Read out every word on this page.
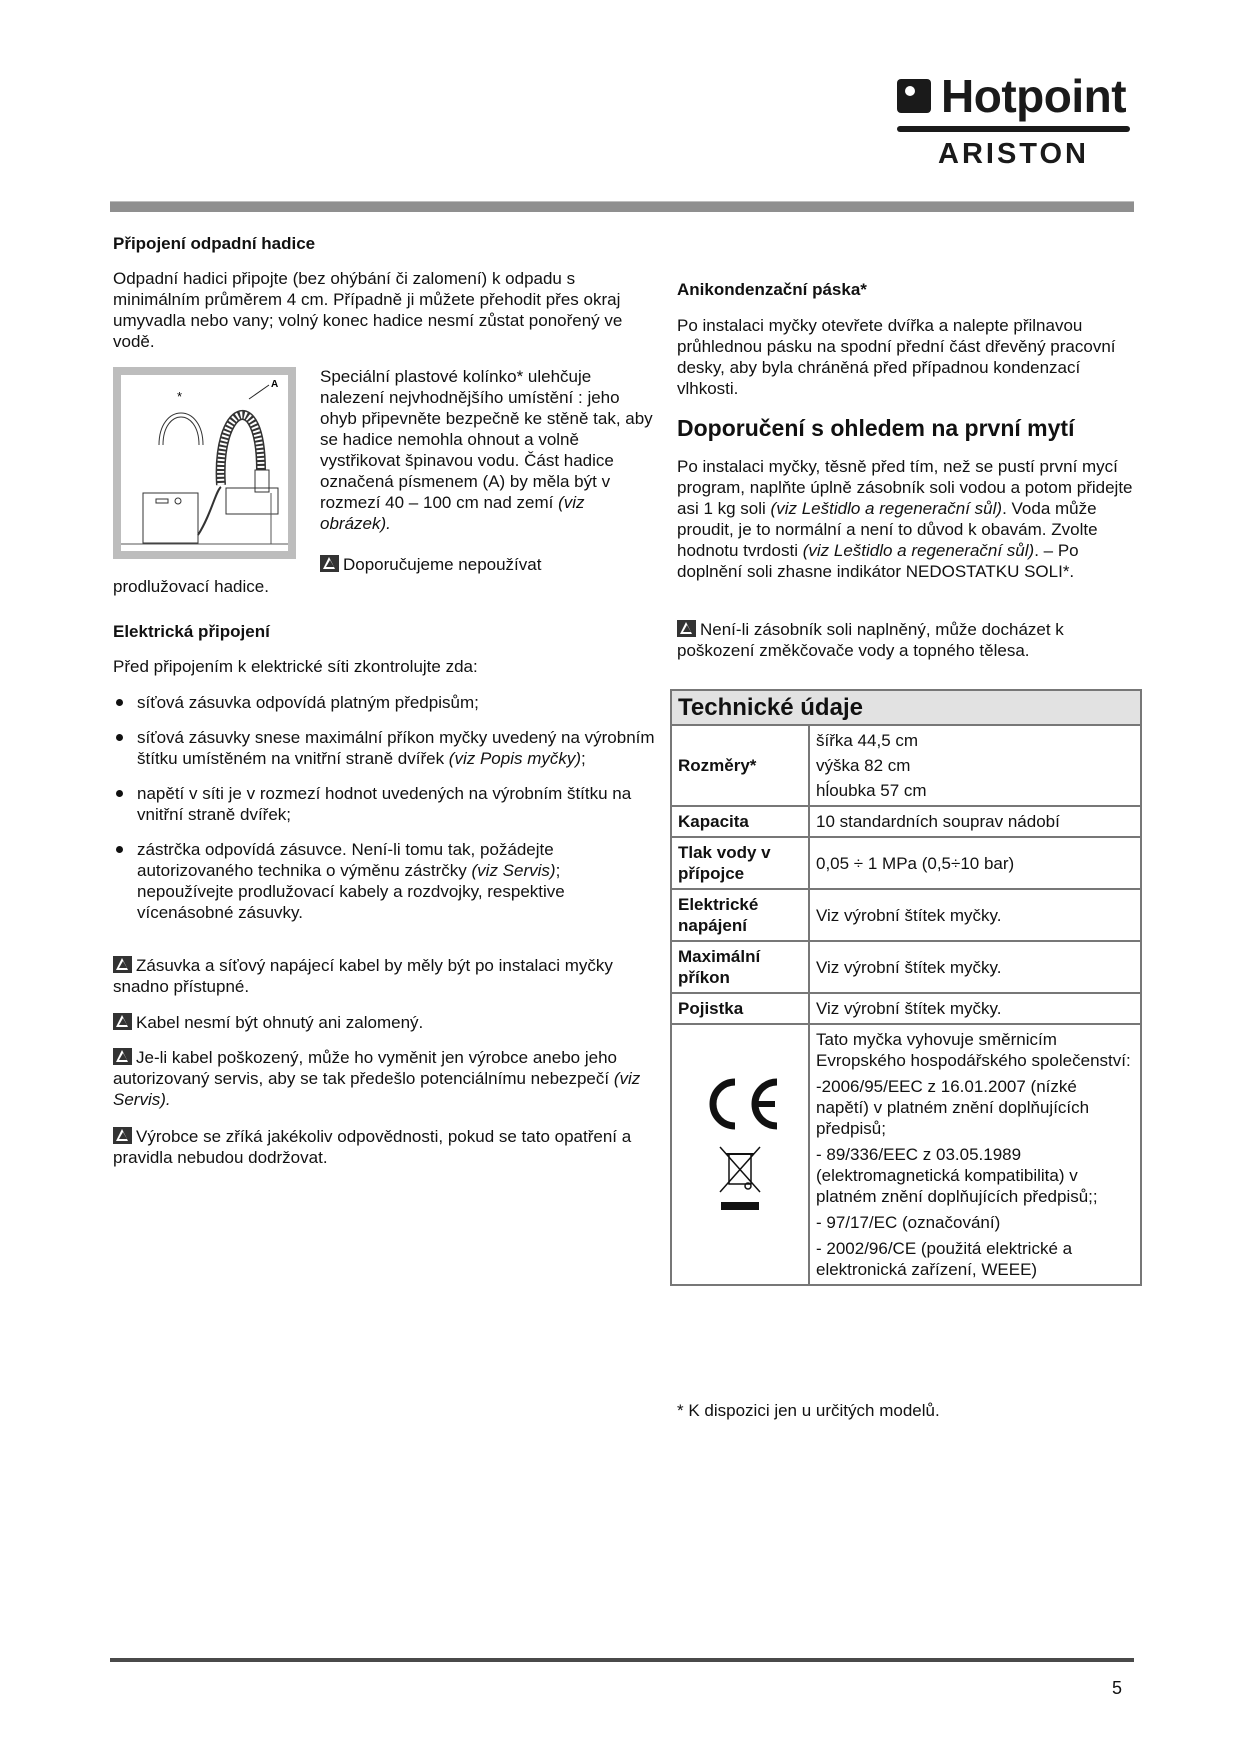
Hotpoint
ARISTON
Připojení odpadní hadice
Odpadní hadici připojte (bez ohýbání či zalomení) k odpadu s minimálním průměrem 4 cm. Případně ji můžete přehodit přes okraj umyvadla nebo vany; volný konec hadice nesmí zůstat ponořený ve vodě.
A
*
Speciální plastové kolínko* ulehčuje nalezení nejvhodnějšího umístění : jeho ohyb připevněte bezpečně ke stěně tak, aby se hadice nemohla ohnout a volně vystřikovat špinavou vodu. Část hadice označená písmenem (A) by měla být v rozmezí 40 – 100 cm nad zemí (viz obrázek).
Doporučujeme nepoužívat
prodlužovací hadice.
Elektrická připojení
Před připojením k elektrické síti zkontrolujte zda:
síťová zásuvka odpovídá platným předpisům;
síťová zásuvky snese maximální příkon myčky uvedený na výrobním štítku umístěném na vnitřní straně dvířek (viz Popis myčky);
napětí v síti je v rozmezí hodnot uvedených na výrobním štítku na vnitřní straně dvířek;
zástrčka odpovídá zásuvce. Není-li tomu tak, požádejte autorizovaného technika o výměnu zástrčky (viz Servis); nepoužívejte prodlužovací kabely a rozdvojky, respektive vícenásobné zásuvky.
Zásuvka a síťový napájecí kabel by měly být po instalaci myčky snadno přístupné.
Kabel nesmí být ohnutý ani zalomený.
Je-li kabel poškozený, může ho vyměnit jen výrobce anebo jeho autorizovaný servis, aby se tak předešlo potenciálnímu nebezpečí (viz Servis).
Výrobce se zříká jakékoliv odpovědnosti, pokud se tato opatření a pravidla nebudou dodržovat.
Anikondenzační páska*
Po instalaci myčky otevřete dvířka a nalepte přilnavou průhlednou pásku na spodní přední část dřevěný pracovní desky, aby byla chráněná před případnou kondenzací vlhkosti.
Doporučení s ohledem na první mytí
Po instalaci myčky, těsně před tím, než se pustí první mycí program, naplňte úplně zásobník soli vodou a potom přidejte asi 1 kg soli (viz Leštidlo a regenerační sůl). Voda může proudit, je to normální a není to důvod k obavám. Zvolte hodnotu tvrdosti (viz Leštidlo a regenerační sůl). – Po doplnění soli zhasne indikátor NEDOSTATKU SOLI*.
Není-li zásobník soli naplněný, může docházet k poškození změkčovače vody a topného tělesa.
Technické údaje	
Rozměry*	šířka 44,5 cm
výška 82 cm
hĺoubka 57 cm

Kapacita	10 standardních souprav nádobí
Tlak vody v přípojce	0,05 ÷ 1 MPa (0,5÷10 bar)
Elektrické napájení	Viz výrobní štítek myčky.
Maximální příkon	Viz výrobní štítek myčky.
Pojistka	Viz výrobní štítek myčky.

Tato myčka vyhovuje směrnicím Evropského hospodářského společenství:
-2006/95/EEC z 16.01.2007 (nízké napětí) v platném znění doplňujících předpisů;
- 89/336/EEC z 03.05.1989 (elektromagnetická kompatibilita) v platném znění doplňujících předpisů;;
- 97/17/EC (označování)
- 2002/96/CE (použitá elektrické a elektronická zařízení, WEEE)
* K dispozici jen u určitých modelů.
5
